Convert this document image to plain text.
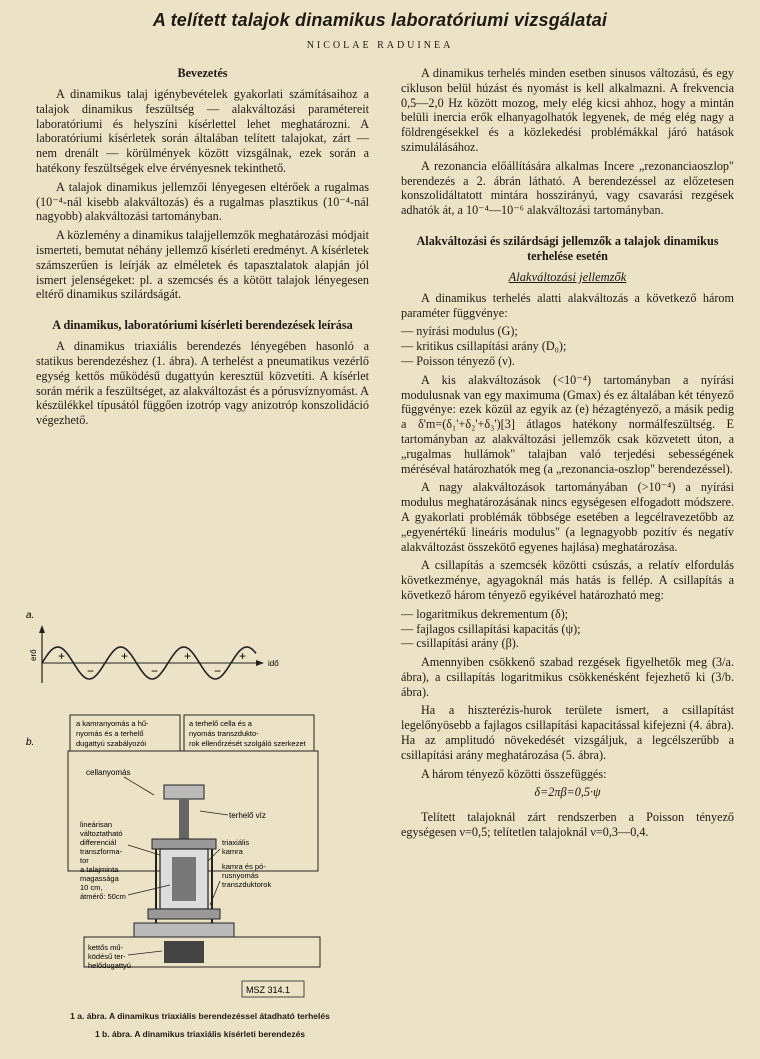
A telített talajok dinamikus laboratóriumi vizsgálatai
NICOLAE RADUINEA
Bevezetés

A dinamikus talaj igénybevételek gyakorlati számításaihoz a talajok dinamikus feszültség — alakváltozási paramétereit laboratóriumi és helyszíni kísérlettel lehet meghatározni. A laboratóriumi kísérletek során általában telített talajokat, zárt — nem drenált — körülmények között vizsgálnak, ezek során a hatékony feszültségek elve érvényesnek tekinthető.

A talajok dinamikus jellemzői lényegesen eltérőek a rugalmas (10⁻⁴-nál kisebb alakváltozás) és a rugalmas plasztikus (10⁻⁴-nál nagyobb) alakváltozási tartományban.

A közlemény a dinamikus talajjellemzők meghatározási módjait ismerteti, bemutat néhány jellemző kísérleti eredményt. A kísérletek számszerűen is leírják az elméletek és tapasztalatok alapján jól ismert jelenségeket: pl. a szemcsés és a kötött talajok lényegesen eltérő dinamikus szilárdságát.

A dinamikus, laboratóriumi kísérleti berendezések leírása

A dinamikus triaxiális berendezés lényegében hasonló a statikus berendezéshez (1. ábra). A terhelést a pneumatikus vezérlő egység kettős működésű dugattyún keresztül közvetíti. A kísérlet során mérik a feszültséget, az alakváltozást és a pórusvíznyomást. A készülékkel típusától függően izotróp vagy anizotróp konszolidáció végezhető.

a.
erő
idő
+	+	+	+
−	−	−
b.
a kamranyomás a hű-nyomás és a terhelő dugattyú szabályozói
a terhelő cella és a nyomás transzdukto-rok ellenőrzését szolgáló szerkezet
cellanyomás
terhelő víz
lineárisan változtatható differenciál transzforma- tor a talajminta magassága 10 cm, átmérő: 50cm
triaxiális kamra
kamra és pó- rusnyomás transzduktorok
kettős mű- ködésű ter- helődugattyú
MSZ 314.1
1 a. ábra. A dinamikus triaxiális berendezéssel átadható terhelés
1 b. ábra. A dinamikus triaxiális kísérleti berendezés

A dinamikus terhelés minden esetben sinusos változású, és egy cikluson belül húzást és nyomást is kell alkalmazni. A frekvencia 0,5—2,0 Hz között mozog, mely elég kicsi ahhoz, hogy a mintán belüli inercia erők elhanyagolhatók legyenek, de még elég nagy a földrengésekkel és a közlekedési problémákkal járó hatások szimulálásához.

A rezonancia előállítására alkalmas Incere „rezonanciaoszlop" berendezés a 2. ábrán látható. A berendezéssel az előzetesen konszolidáltatott mintára hosszirányú, vagy csavarási rezgések adhatók át, a 10⁻⁴—10⁻⁶ alakváltozási tartományban.

Alakváltozási és szilárdsági jellemzők a talajok dinamikus terhelése esetén
Alakváltozási jellemzők

A dinamikus terhelés alatti alakváltozás a következő három paraméter függvénye:

— nyírási modulus (G);
— kritikus csillapítási arány (D₀);
— Poisson tényező (ν).

A kis alakváltozások (<10⁻⁴) tartományban a nyírási modulusnak van egy maximuma (Gmax) és ez általában két tényező függvénye: ezek közül az egyik az (e) hézagtényező, a másik pedig a δ'm=(δ₁'+δ₂'+δ₃')[3] átlagos hatékony normálfeszültség. E tartományban az alakváltozási jellemzők csak közvetett úton, a „rugalmas hullámok" talajban való terjedési sebességének méréséval határozhatók meg (a „rezonancia-oszlop" berendezéssel).

A nagy alakváltozások tartományában (>10⁻⁴) a nyírási modulus meghatározásának nincs egységesen elfogadott módszere. A gyakorlati problémák többsége esetében a legcélravezetőbb az „egyenértékű lineáris modulus" (a legnagyobb pozitív és negatív alakváltozást összekötő egyenes hajlása) meghatározása.

A csillapítás a szemcsék közötti csúszás, a relatív elfordulás következménye, agyagoknál más hatás is fellép. A csillapítás a következő három tényező egyikével határozható meg:

— logaritmikus dekrementum (δ);
— fajlagos csillapítási kapacitás (ψ);
— csillapítási arány (β).

Amennyiben csökkenő szabad rezgések figyelhetők meg (3/a. ábra), a csillapítás logaritmikus csökkenésként fejezhető ki (3/b. ábra).

Ha a hiszterézis-hurok területe ismert, a csillapítást legelőnyösebb a fajlagos csillapítási kapacitással kifejezni (4. ábra). Ha az amplitudó növekedését vizsgáljuk, a legcélszerűbb a csillapítási arány meghatározása (5. ábra).

A három tényező közötti összefüggés:

δ=2πβ=0,5·ψ

Telített talajoknál zárt rendszerben a Poisson tényező egységesen ν=0,5; telítetlen talajoknál ν=0,3—0,4.
